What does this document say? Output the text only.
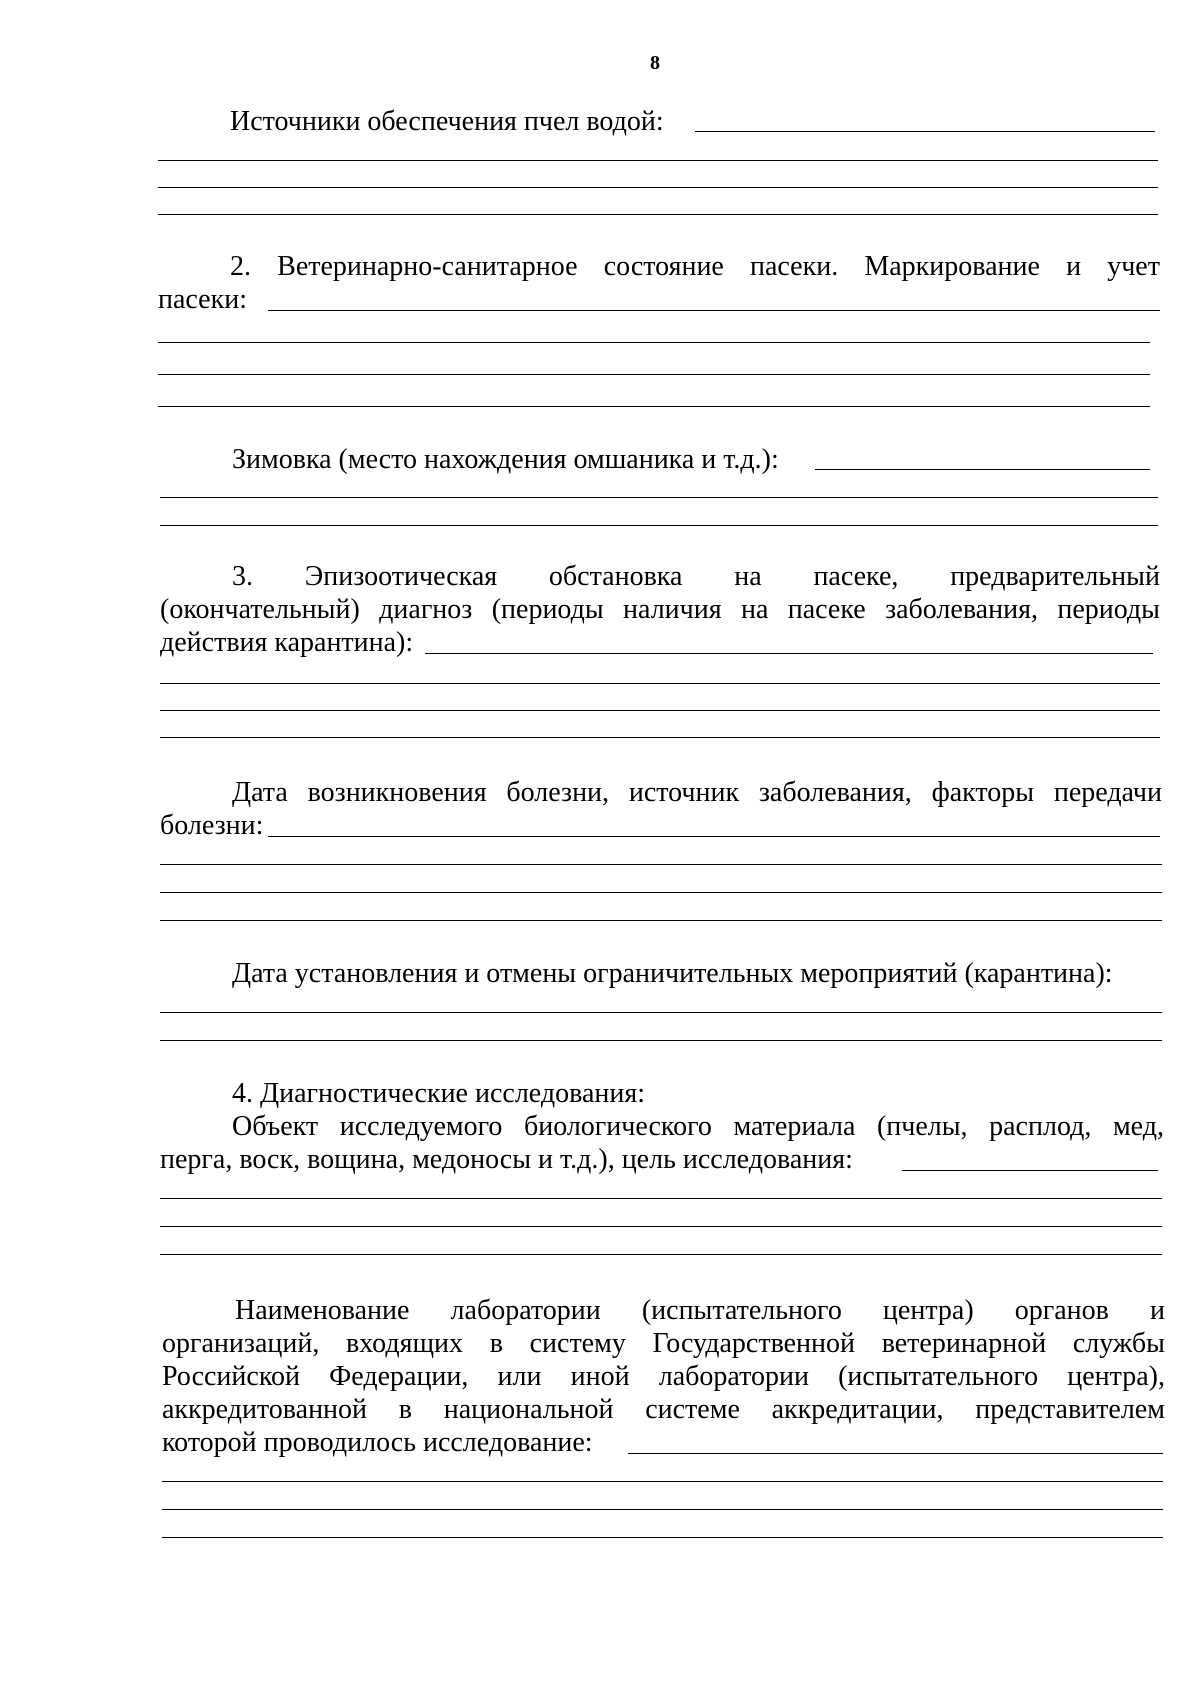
8
Источники обеспечения пчел водой:
2. Ветеринарно-санитарное состояние пасеки. Маркирование и учет
пасеки:
Зимовка (место нахождения омшаника и т.д.):
3. Эпизоотическая обстановка на пасеке, предварительный
(окончательный) диагноз (периоды наличия на пасеке заболевания, периоды
действия карантина):
Дата возникновения болезни, источник заболевания, факторы передачи
болезни:
Дата установления и отмены ограничительных мероприятий (карантина):
4. Диагностические исследования:
Объект исследуемого биологического материала (пчелы, расплод, мед,
перга, воск, вощина, медоносы и т.д.), цель исследования:
Наименование лаборатории (испытательного центра) органов и
организаций, входящих в систему Государственной ветеринарной службы
Российской Федерации, или иной лаборатории (испытательного центра),
аккредитованной в национальной системе аккредитации, представителем
которой проводилось исследование:
